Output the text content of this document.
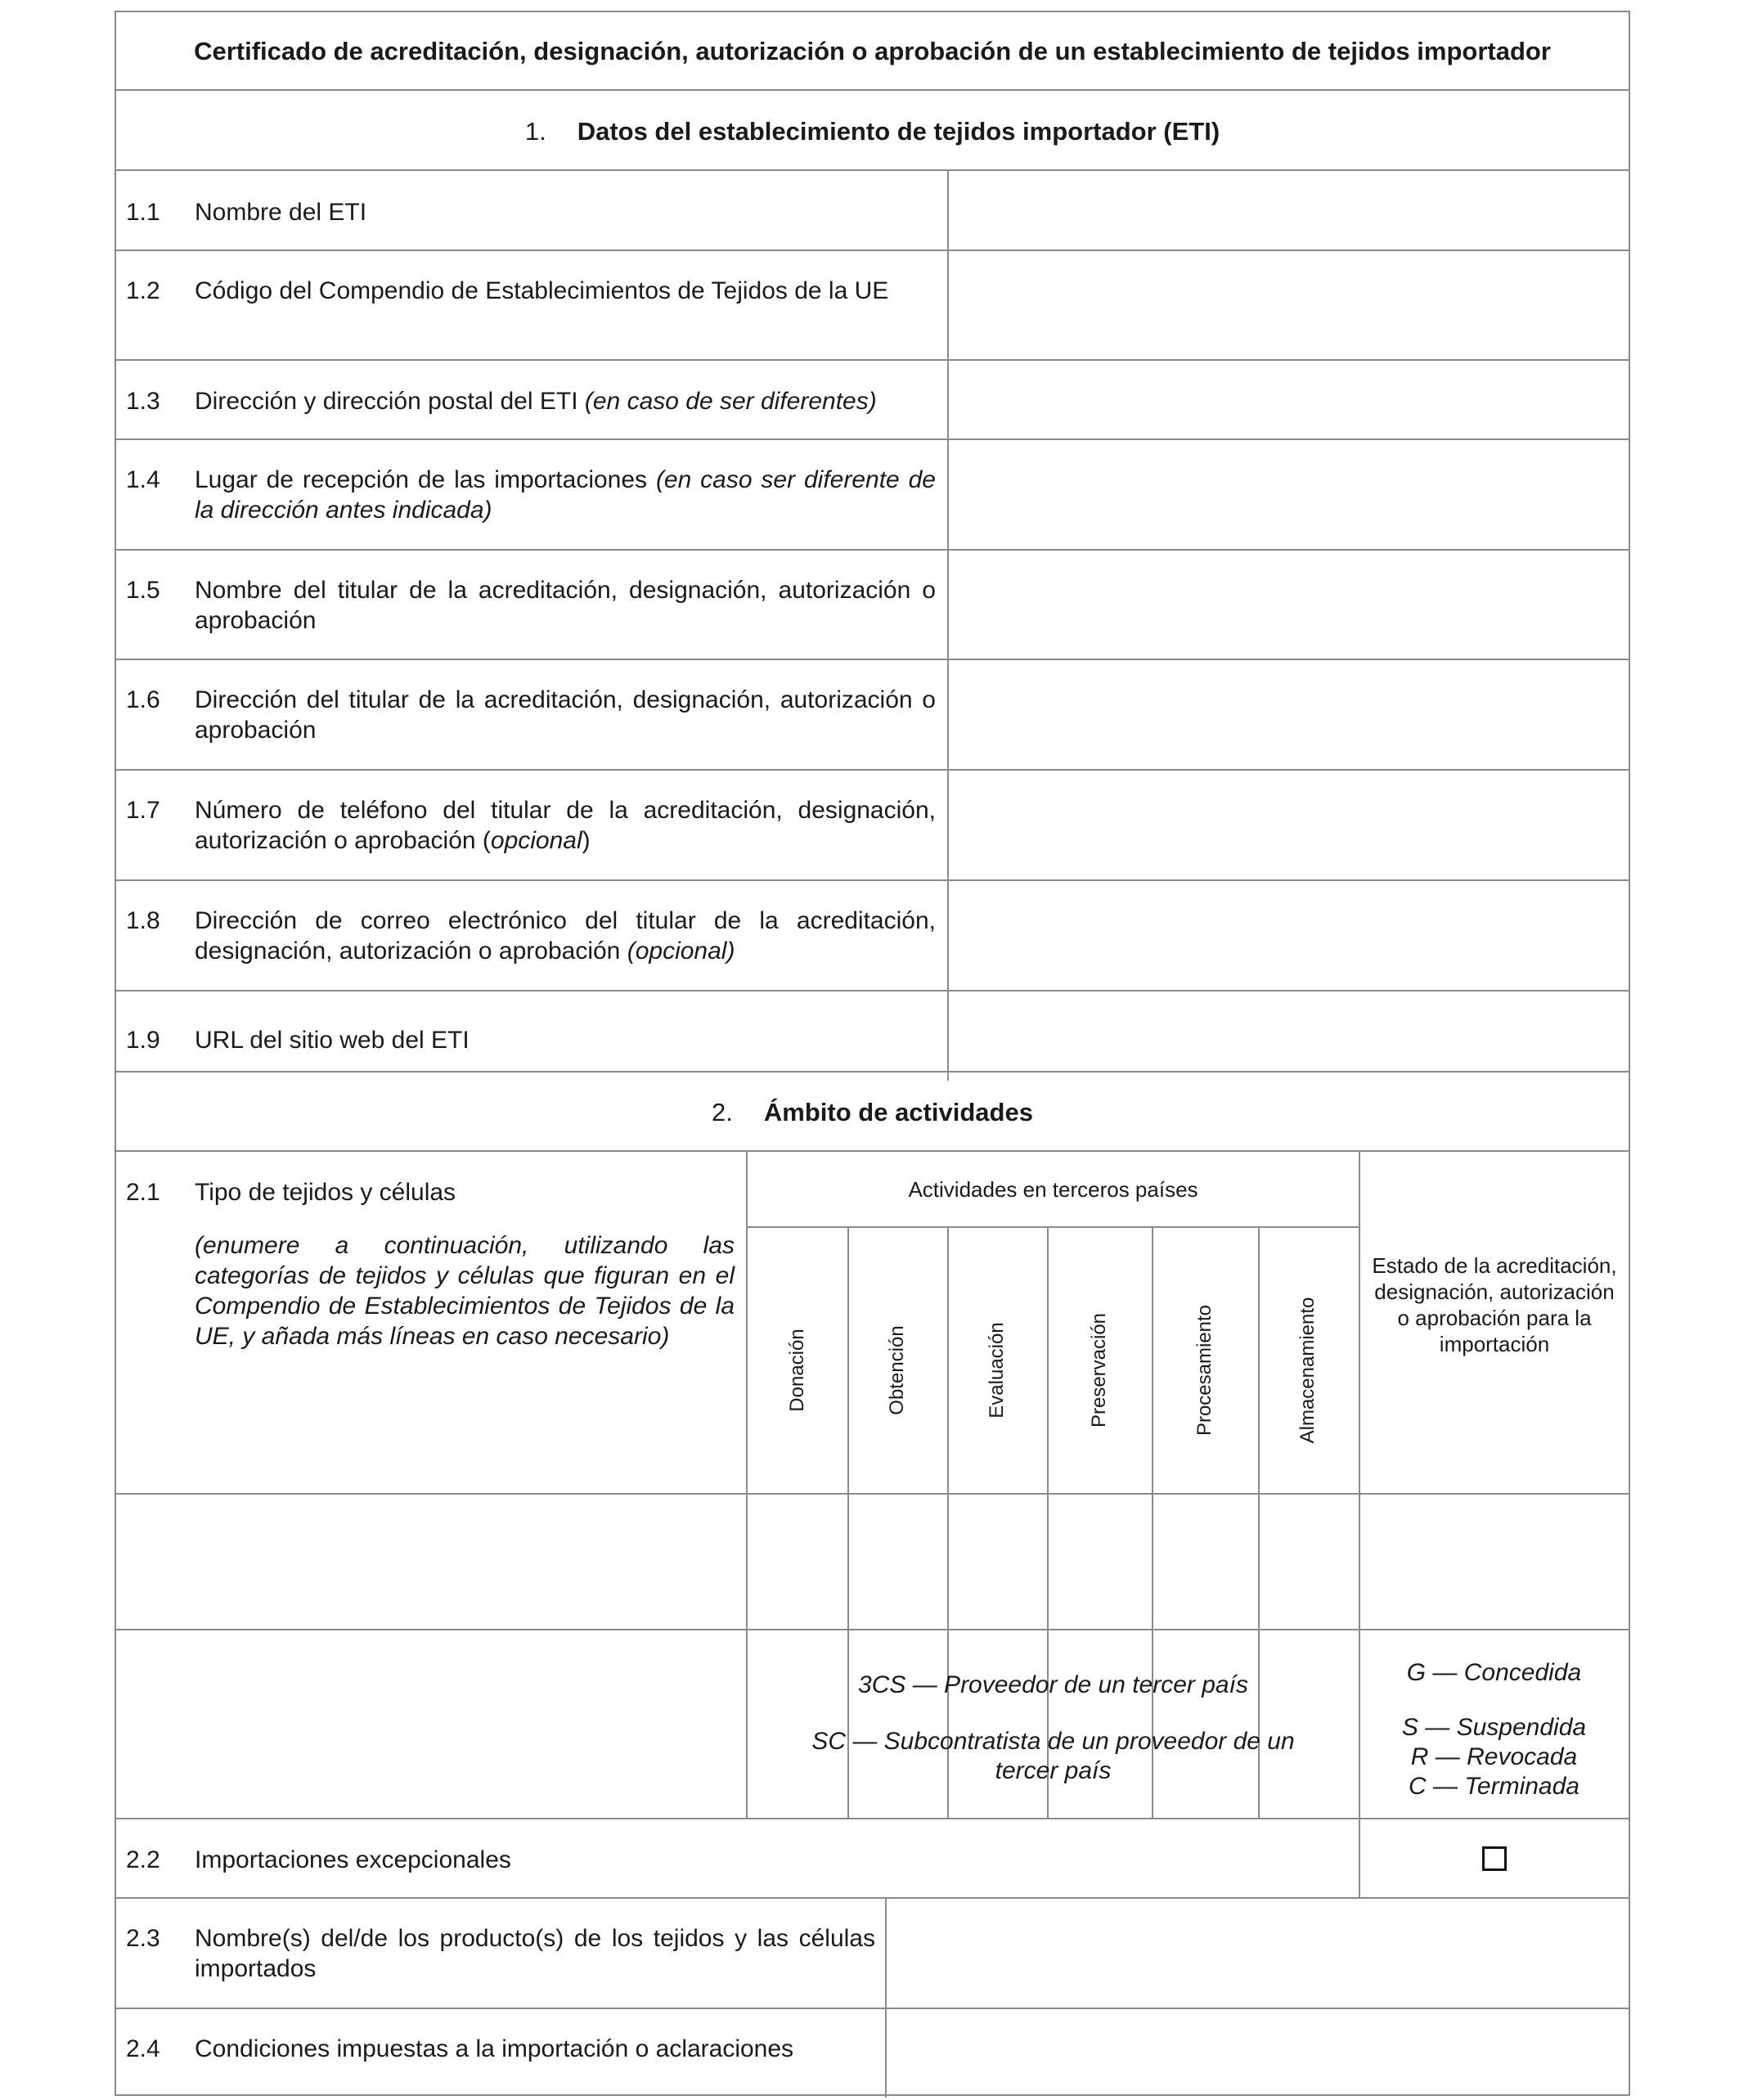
Certificado de acreditación, designación, autorización o aprobación de un establecimiento de tejidos importador
1. Datos del establecimiento de tejidos importador (ETI)
1.1 Nombre del ETI
1.2 Código del Compendio de Establecimientos de Tejidos de la UE
1.3 Dirección y dirección postal del ETI (en caso de ser diferentes)
1.4 Lugar de recepción de las importaciones (en caso ser diferente de la dirección antes indicada)
1.5 Nombre del titular de la acreditación, designación, autorización o aprobación
1.6 Dirección del titular de la acreditación, designación, autorización o aprobación
1.7 Número de teléfono del titular de la acreditación, designación, autorización o aprobación (opcional)
1.8 Dirección de correo electrónico del titular de la acreditación, designación, autorización o aprobación (opcional)
1.9 URL del sitio web del ETI
2. Ámbito de actividades
2.1 Tipo de tejidos y células
(enumere a continuación, utilizando las categorías de tejidos y células que figuran en el Compendio de Establecimientos de Tejidos de la UE, y añada más líneas en caso necesario)
Actividades en terceros países
Donación	Obtención	Evaluación	Preservación	Procesamiento	Almacenamiento
Estado de la acreditación, designación, autorización o aprobación para la importación
3CS — Proveedor de un tercer país
SC — Subcontratista de un proveedor de un tercer país
G — Concedida
S — Suspendida
R — Revocada
C — Terminada
2.2 Importaciones excepcionales
2.3 Nombre(s) del/de los producto(s) de los tejidos y las células importados
2.4 Condiciones impuestas a la importación o aclaraciones
